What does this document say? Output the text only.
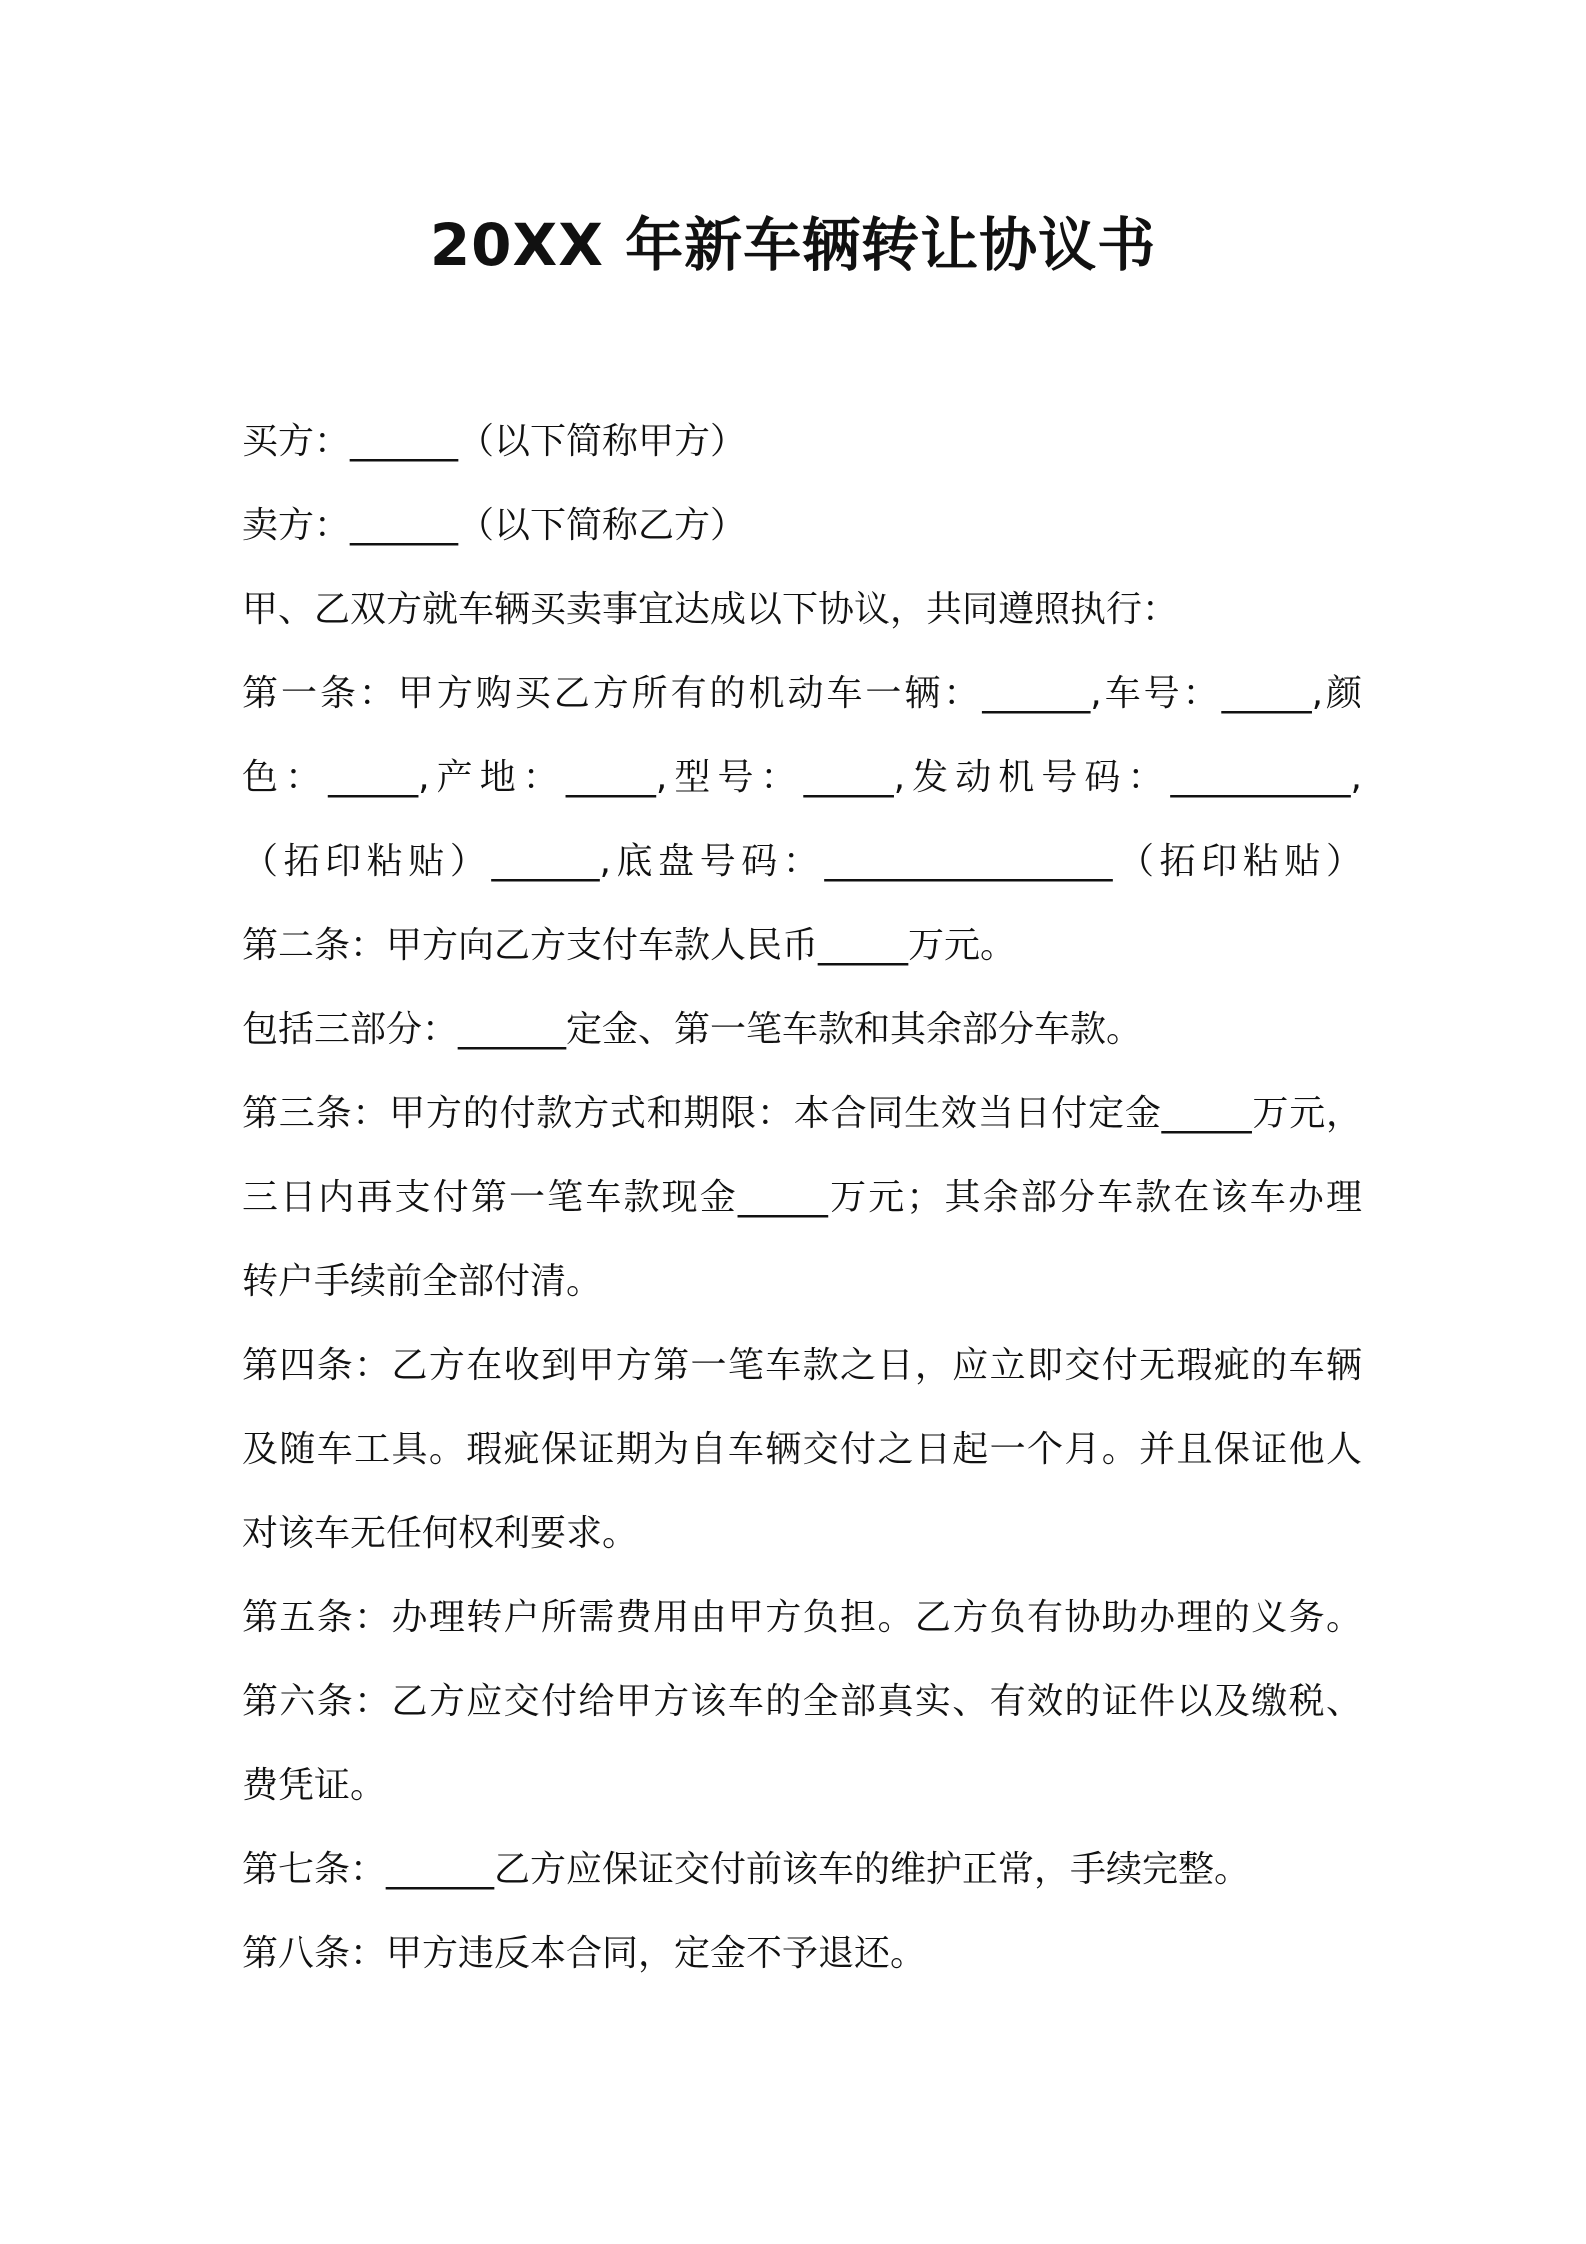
20XX 年新车辆转让协议书
买方：______（以下简称甲方）
卖方：______（以下简称乙方）
甲、乙双方就车辆买卖事宜达成以下协议，共同遵照执行：
第一条：甲方购买乙方所有的机动车一辆：______,车号：_____,颜
色：_____,产地：_____,型号：_____,发动机号码：__________,
（拓印粘贴）______,底盘号码：________________（拓印粘贴）
第二条：甲方向乙方支付车款人民币_____万元。
包括三部分：______定金、第一笔车款和其余部分车款。
第三条：甲方的付款方式和期限：本合同生效当日付定金_____万元，
三日内再支付第一笔车款现金_____万元；其余部分车款在该车办理
转户手续前全部付清。
第四条：乙方在收到甲方第一笔车款之日，应立即交付无瑕疵的车辆
及随车工具。瑕疵保证期为自车辆交付之日起一个月。并且保证他人
对该车无任何权利要求。
第五条：办理转户所需费用由甲方负担。乙方负有协助办理的义务。
第六条：乙方应交付给甲方该车的全部真实、有效的证件以及缴税、
费凭证。
第七条：______乙方应保证交付前该车的维护正常，手续完整。
第八条：甲方违反本合同，定金不予退还。
